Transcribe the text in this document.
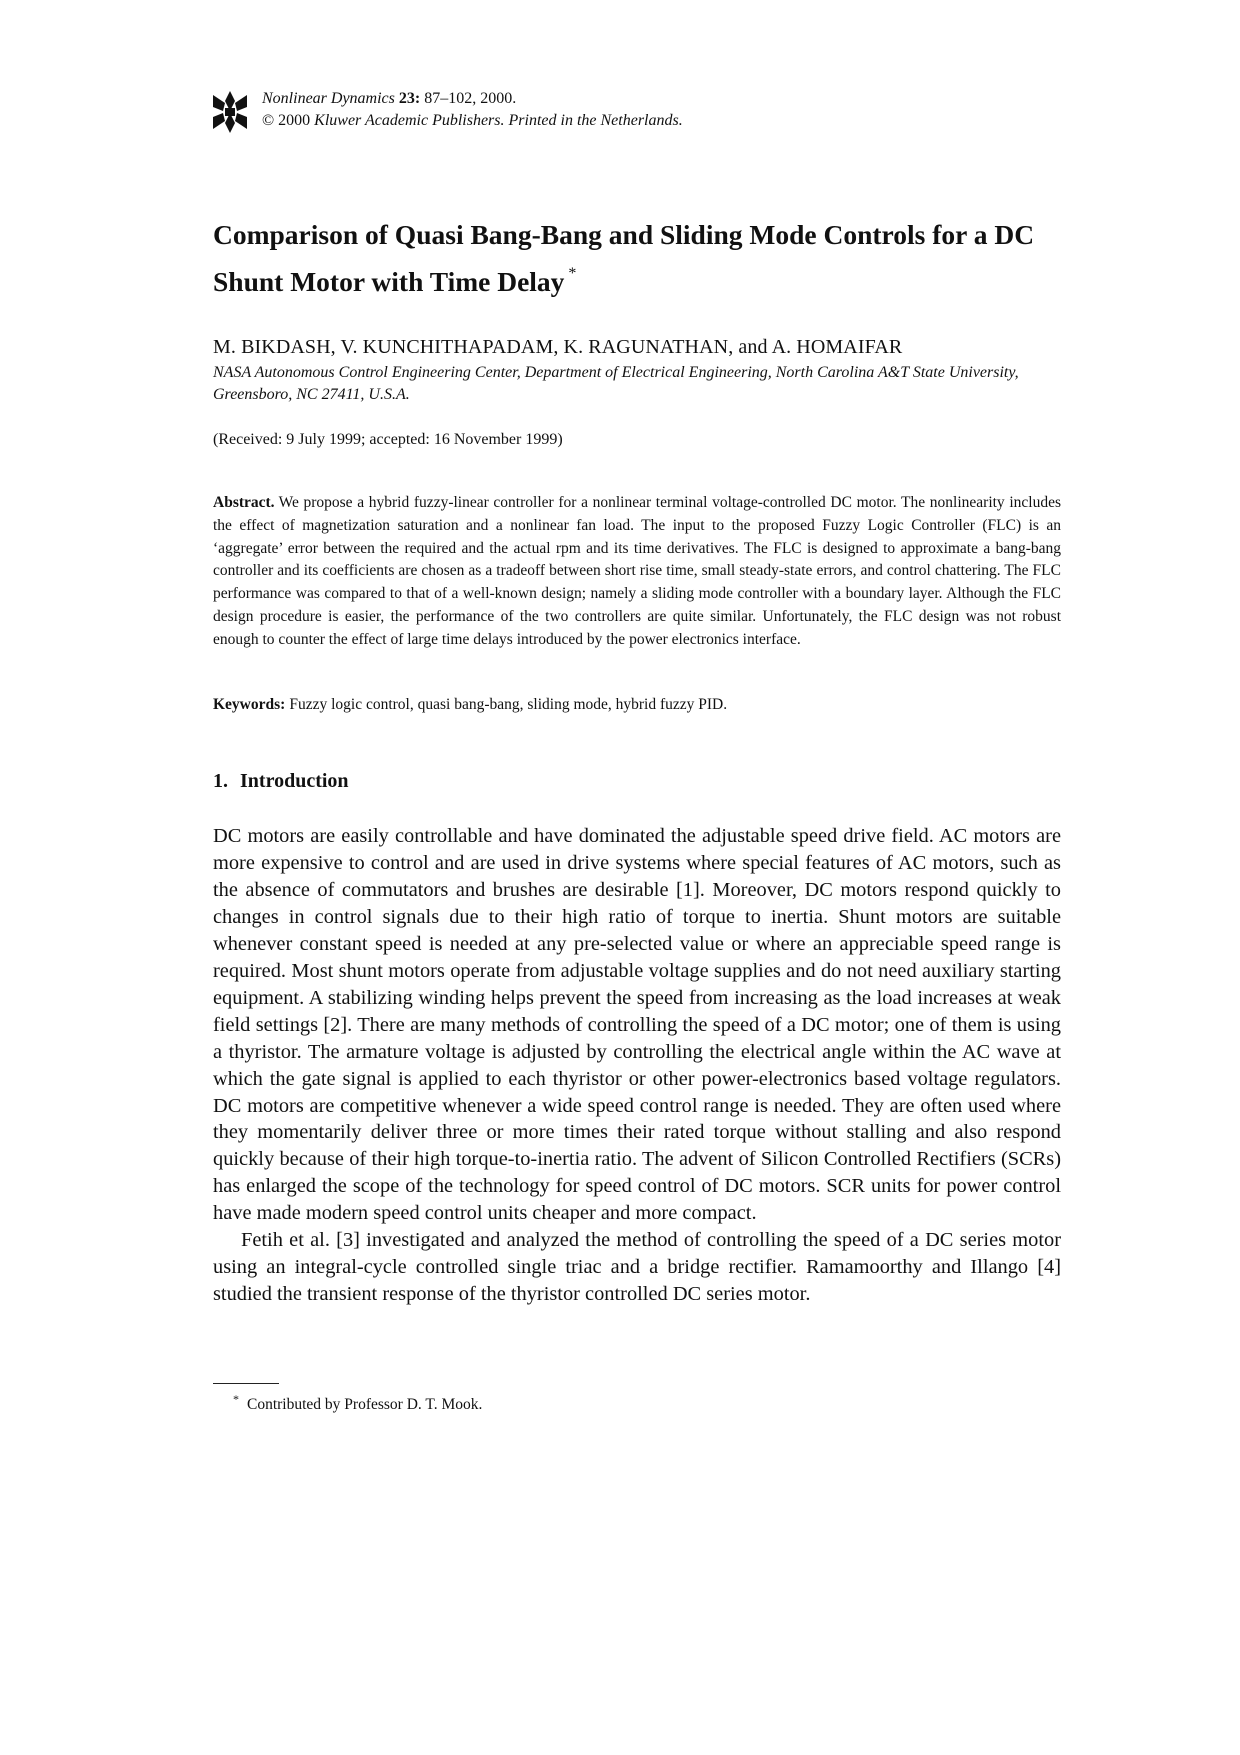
Nonlinear Dynamics 23: 87–102, 2000.
© 2000 Kluwer Academic Publishers. Printed in the Netherlands.
Comparison of Quasi Bang-Bang and Sliding Mode Controls for a DC Shunt Motor with Time Delay *
M. BIKDASH, V. KUNCHITHAPADAM, K. RAGUNATHAN, and A. HOMAIFAR
NASA Autonomous Control Engineering Center, Department of Electrical Engineering, North Carolina A&T State University, Greensboro, NC 27411, U.S.A.
(Received: 9 July 1999; accepted: 16 November 1999)

Abstract. We propose a hybrid fuzzy-linear controller for a nonlinear terminal voltage-controlled DC motor. The nonlinearity includes the effect of magnetization saturation and a nonlinear fan load. The input to the proposed Fuzzy Logic Controller (FLC) is an ‘aggregate’ error between the required and the actual rpm and its time derivatives. The FLC is designed to approximate a bang-bang controller and its coefficients are chosen as a tradeoff between short rise time, small steady-state errors, and control chattering. The FLC performance was compared to that of a well-known design; namely a sliding mode controller with a boundary layer. Although the FLC design procedure is easier, the performance of the two controllers are quite similar. Unfortunately, the FLC design was not robust enough to counter the effect of large time delays introduced by the power electronics interface.

Keywords: Fuzzy logic control, quasi bang-bang, sliding mode, hybrid fuzzy PID.
1. Introduction

DC motors are easily controllable and have dominated the adjustable speed drive field. AC motors are more expensive to control and are used in drive systems where special features of AC motors, such as the absence of commutators and brushes are desirable [1]. Moreover, DC motors respond quickly to changes in control signals due to their high ratio of torque to inertia. Shunt motors are suitable whenever constant speed is needed at any pre-selected value or where an appreciable speed range is required. Most shunt motors operate from adjustable voltage supplies and do not need auxiliary starting equipment. A stabilizing winding helps prevent the speed from increasing as the load increases at weak field settings [2]. There are many methods of controlling the speed of a DC motor; one of them is using a thyristor. The armature voltage is adjusted by controlling the electrical angle within the AC wave at which the gate signal is applied to each thyristor or other power-electronics based voltage regulators. DC motors are competitive whenever a wide speed control range is needed. They are often used where they momentarily deliver three or more times their rated torque without stalling and also respond quickly because of their high torque-to-inertia ratio. The advent of Silicon Controlled Rectifiers (SCRs) has enlarged the scope of the technology for speed control of DC motors. SCR units for power control have made modern speed control units cheaper and more compact.

Fetih et al. [3] investigated and analyzed the method of controlling the speed of a DC series motor using an integral-cycle controlled single triac and a bridge rectifier. Ramamoorthy and Illango [4] studied the transient response of the thyristor controlled DC series motor.

* Contributed by Professor D. T. Mook.
